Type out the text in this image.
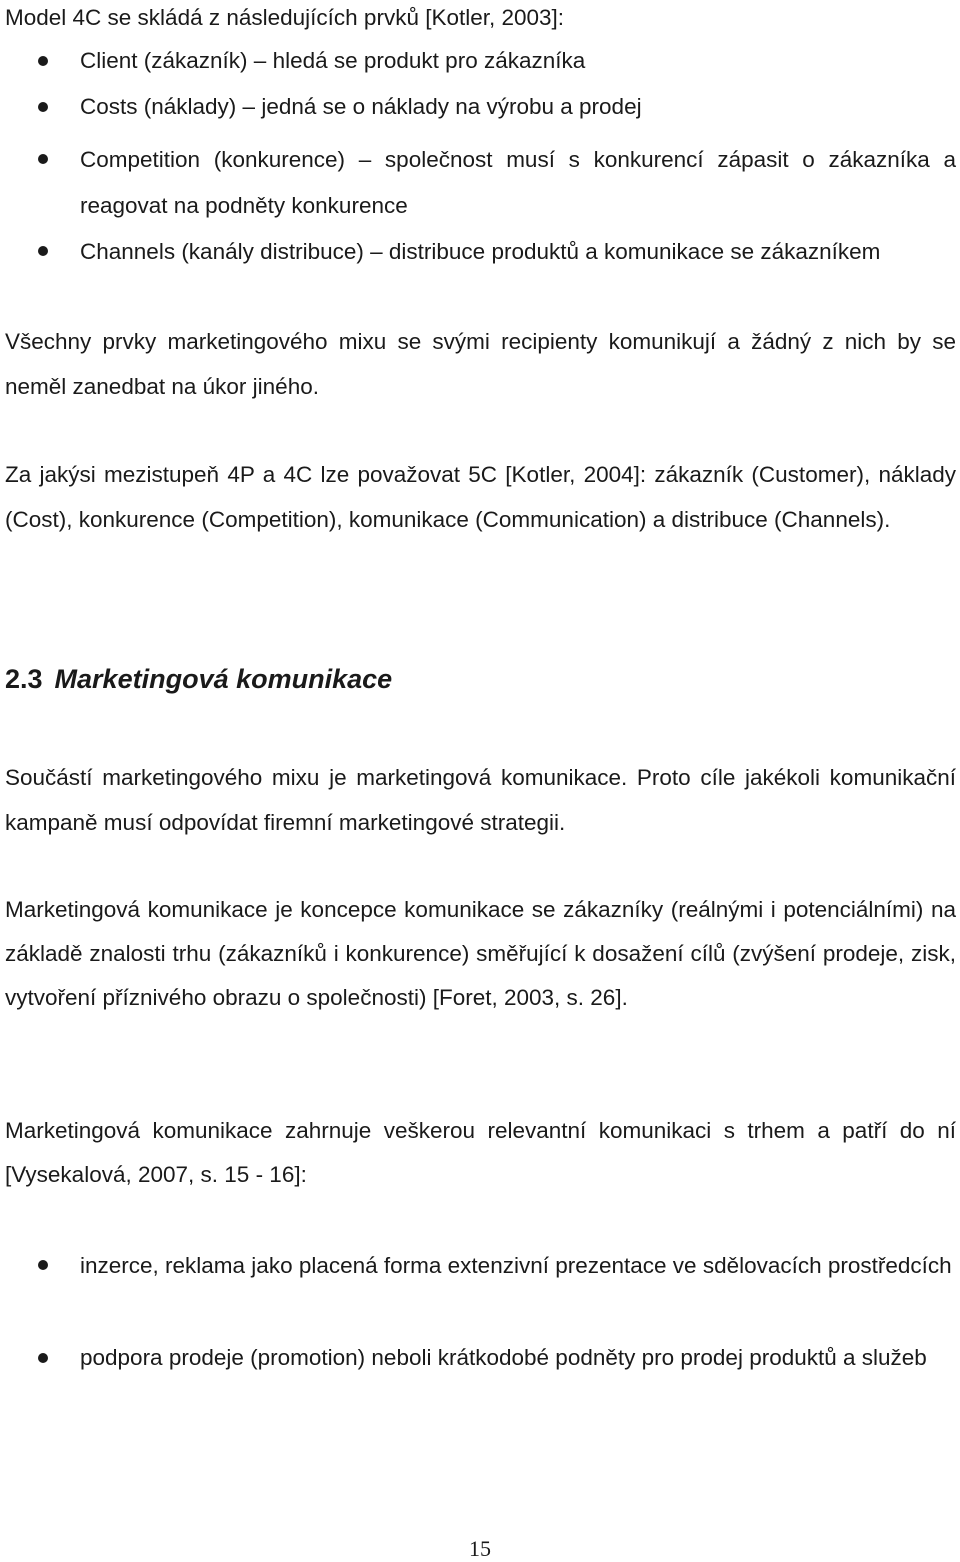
Model 4C se skládá z následujících prvků [Kotler, 2003]:
Client (zákazník) – hledá se produkt pro zákazníka
Costs (náklady) – jedná se o náklady na výrobu a prodej
Competition (konkurence) – společnost musí s konkurencí zápasit o zákazníka a reagovat na podněty konkurence
Channels (kanály distribuce) – distribuce produktů a komunikace se zákazníkem
Všechny prvky marketingového mixu se svými recipienty komunikují a žádný z nich by se neměl zanedbat na úkor jiného.
Za jakýsi mezistupeň 4P a 4C lze považovat 5C [Kotler, 2004]: zákazník (Customer), náklady (Cost), konkurence (Competition), komunikace (Communication) a distribuce (Channels).
2.3 Marketingová komunikace
Součástí marketingového mixu je marketingová komunikace. Proto cíle jakékoli komunikační kampaně musí odpovídat firemní marketingové strategii.
Marketingová komunikace je koncepce komunikace se zákazníky (reálnými i potenciálními) na základě znalosti trhu (zákazníků i konkurence) směřující k dosažení cílů (zvýšení prodeje, zisk, vytvoření příznivého obrazu o společnosti) [Foret, 2003, s. 26].
Marketingová komunikace zahrnuje veškerou relevantní komunikaci s trhem a patří do ní [Vysekalová, 2007, s. 15 - 16]:
inzerce, reklama jako placená forma extenzivní prezentace ve sdělovacích prostředcích
podpora prodeje (promotion) neboli krátkodobé podněty pro prodej produktů a služeb
15
